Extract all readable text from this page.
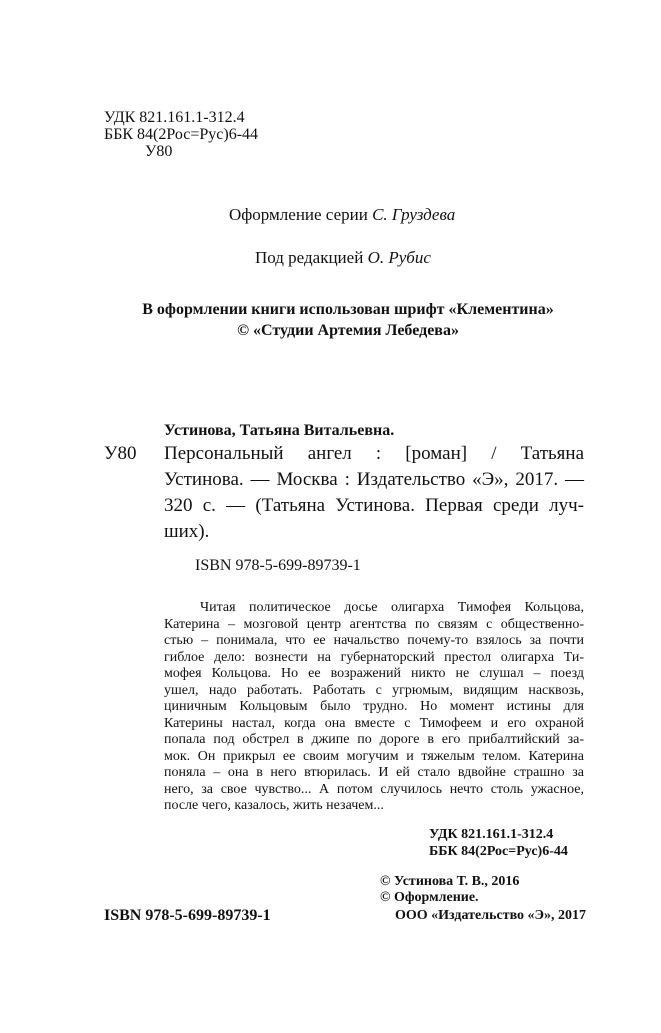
УДК 821.161.1-312.4
ББК 84(2Рос=Рус)6-44
У80
Оформление серии С. Груздева
Под редакцией О. Рубис
В оформлении книги использован шрифт «Клементина»
© «Студии Артемия Лебедева»
Устинова, Татьяна Витальевна.
У80 Персональный ангел : [роман] / Татьяна
Устинова. — Москва : Издательство «Э», 2017. —
320 с. — (Татьяна Устинова. Первая среди луч-
ших).
ISBN 978-5-699-89739-1
Читая политическое досье олигарха Тимофея Кольцова,
Катерина – мозговой центр агентства по связям с общественно-
стью – понимала, что ее начальство почему-то взялось за почти
гиблое дело: вознести на губернаторский престол олигарха Ти-
мофея Кольцова. Но ее возражений никто не слушал – поезд
ушел, надо работать. Работать с угрюмым, видящим насквозь,
циничным Кольцовым было трудно. Но момент истины для
Катерины настал, когда она вместе с Тимофеем и его охраной
попала под обстрел в джипе по дороге в его прибалтийский за-
мок. Он прикрыл ее своим могучим и тяжелым телом. Катерина
поняла – она в него втюрилась. И ей стало вдвойне страшно за
него, за свое чувство... А потом случилось нечто столь ужасное,
после чего, казалось, жить незачем...
УДК 821.161.1-312.4
ББК 84(2Рос=Рус)6-44
© Устинова Т. В., 2016
© Оформление.
ISBN 978-5-699-89739-1	ООО «Издательство «Э», 2017
